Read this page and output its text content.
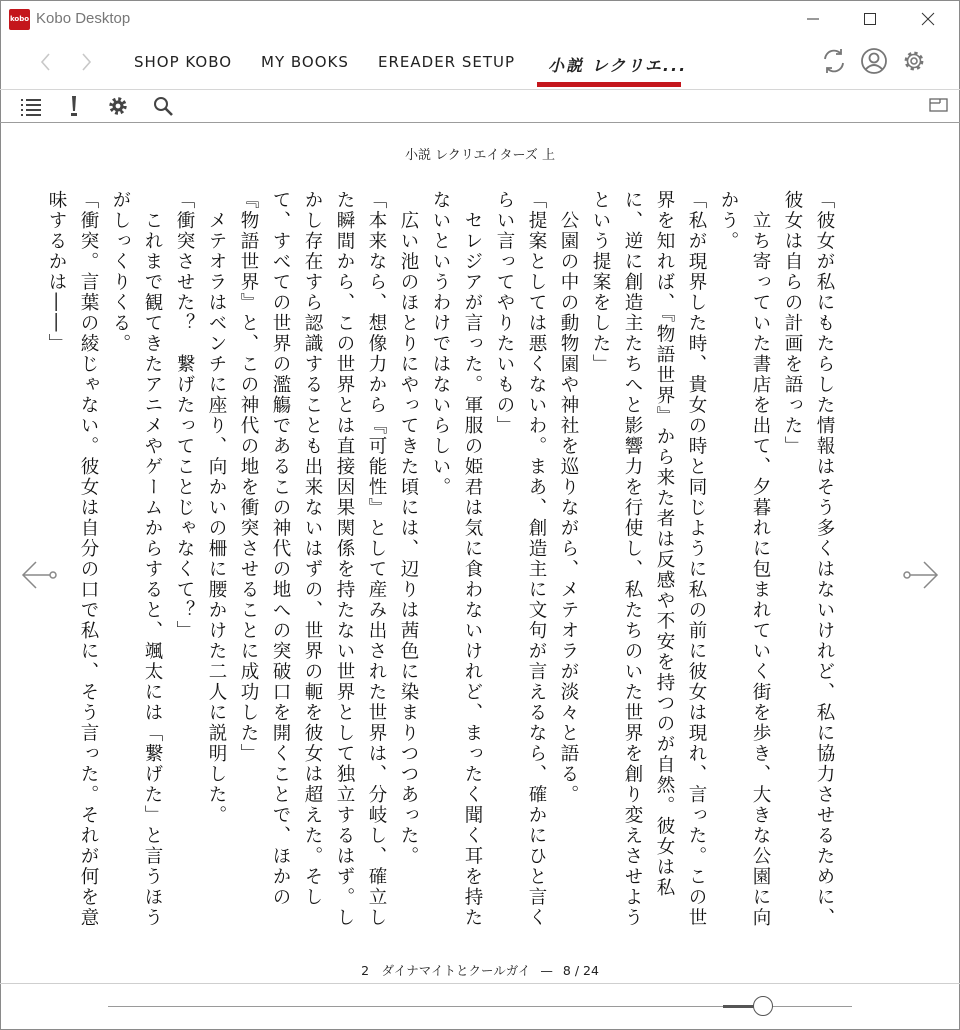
kobo Kobo Desktop
SHOP KOBO MY BOOKS EREADER SETUP 小説 レクリエ...
小説 レクリエイターズ 上

「彼女が私にもたらした情報はそう多くはないけれど、私に協力させるために、彼女は自らの計画を語った」

　立ち寄っていた書店を出て、夕暮れに包まれていく街を歩き、大きな公園に向かう。

「私が現界した時、貴女の時と同じように私の前に彼女は現れ、言った。この世界を知れば、『物語世界』から来た者は反感や不安を持つのが自然。彼女は私に、逆に創造主たちへと影響力を行使し、私たちのいた世界を創り変えさせようという提案をした」

　公園の中の動物園や神社を巡りながら、メテオラが淡々と語る。

「提案としては悪くないわ。まあ、創造主に文句が言えるなら、確かにひと言くらい言ってやりたいもの」

　セレジアが言った。軍服の姫君は気に食わないけれど、まったく聞く耳を持たないというわけではないらしい。

　広い池のほとりにやってきた頃には、辺りは茜色に染まりつつあった。

「本来なら、想像力から『可能性』として産み出された世界は、分岐し、確立した瞬間から、この世界とは直接因果関係を持たない世界として独立するはず。しかし存在すら認識することも出来ないはずの、世界の軛を彼女は超えた。そして、すべての世界の濫觴であるこの神代の地への突破口を開くことで、ほかの『物語世界』と、この神代の地を衝突させることに成功した」

　メテオラはベンチに座り、向かいの柵に腰かけた二人に説明した。

「衝突させた？　繋げたってことじゃなくて？」

　これまで観てきたアニメやゲームからすると、颯太には「繋げた」と言うほうがしっくりくる。

「衝突。言葉の綾じゃない。彼女は自分の口で私に、そう言った。それが何を意味するかは――」

2　ダイナマイトとクールガイ — 8 / 24
